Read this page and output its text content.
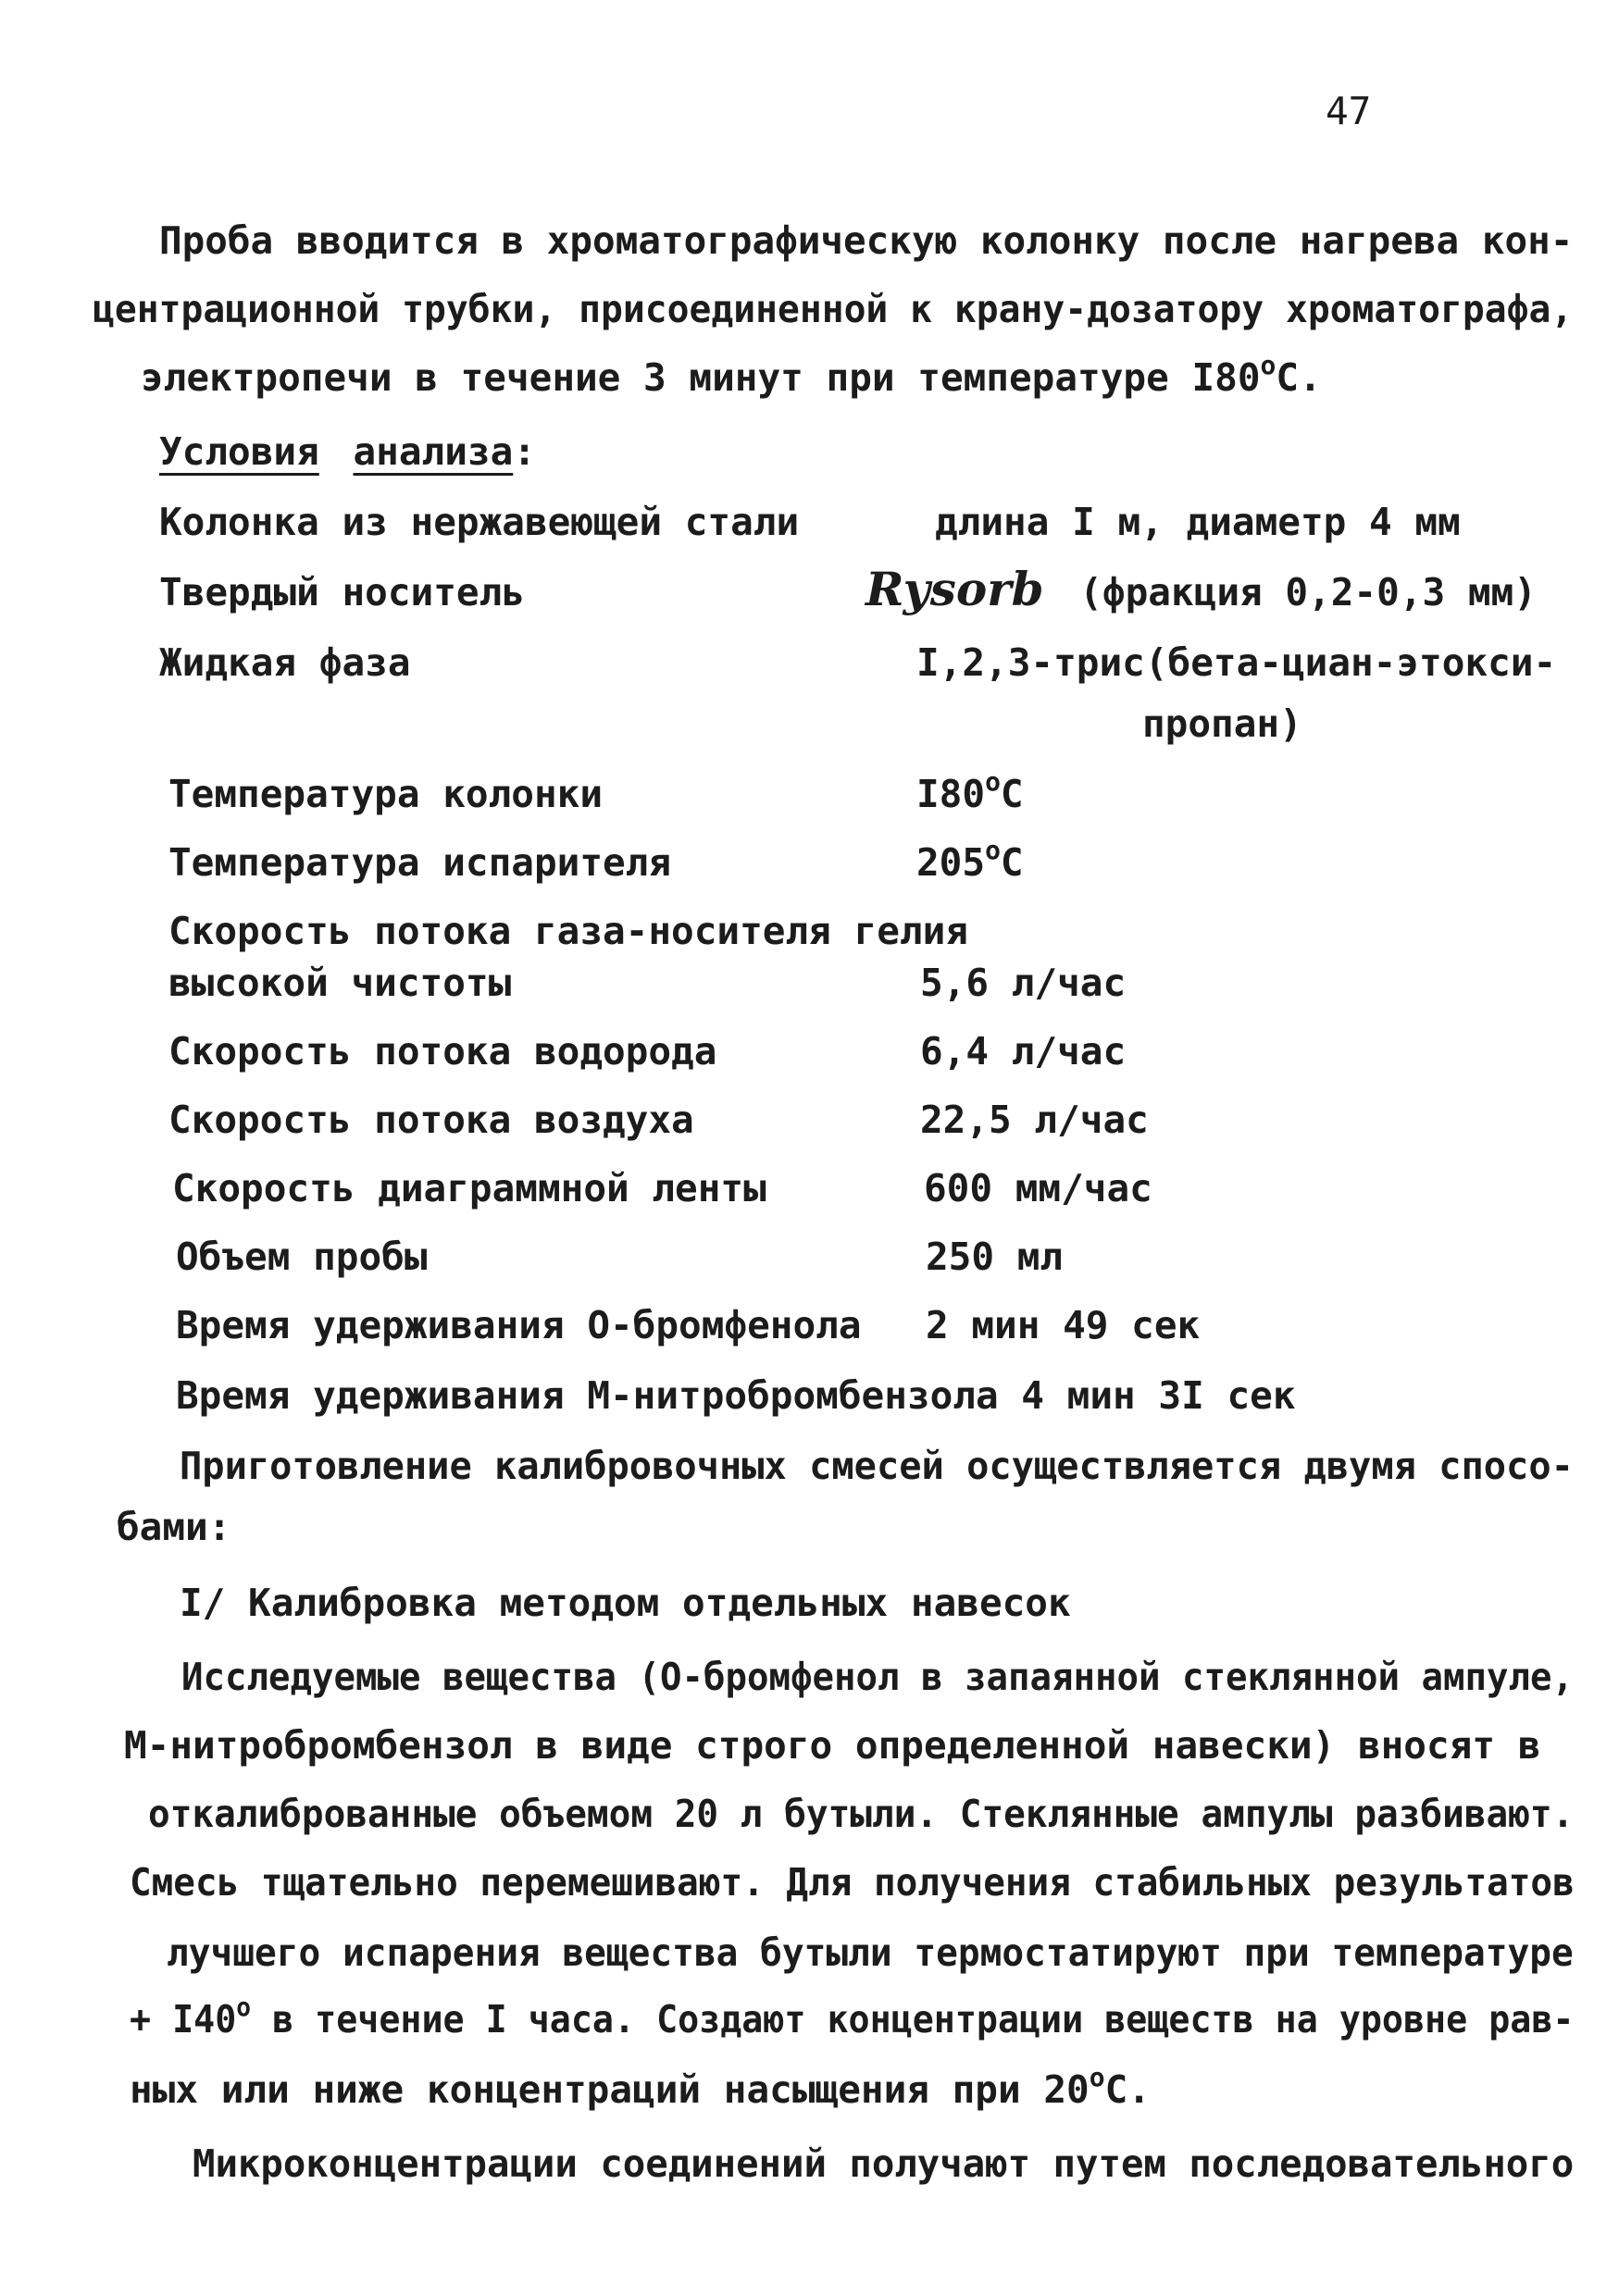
47
Проба вводится в хроматографическую колонку после нагрева кон-
центрационной трубки, присоединенной к крану-дозатору хроматографа,
электропечи в течение 3 минут при температуре I80$^o$С.
Условия анализа:
Колонка из нержавеющей стали	длина I м, диаметр 4 мм
Твердый носитель	Rysorb (фракция 0,2-0,3 мм)
Жидкая фаза	I,2,3-трис(бета-циан-этокси-
пропан)
Температура колонки	I80$^o$С
Температура испарителя	205$^o$С
Скорость потока газа-носителя гелия
высокой чистоты	5,6 л/час
Скорость потока водорода	6,4 л/час
Скорость потока воздуха	22,5 л/час
Скорость диаграммной ленты	600 мм/час
Объем пробы	250 мл
Время удерживания О-бромфенола 2 мин 49 сек
Время удерживания М-нитробромбензола 4 мин 3I сек
Приготовление калибровочных смесей осуществляется двумя спосо-
бами:
I/ Калибровка методом отдельных навесок
Исследуемые вещества (О-бромфенол в запаянной стеклянной ампуле,
М-нитробромбензол в виде строго определенной навески) вносят в
откалиброванные объемом 20 л бутыли. Стеклянные ампулы разбивают.
Смесь тщательно перемешивают. Для получения стабильных результатов
лучшего испарения вещества бутыли термостатируют при температуре
+ $I40^o$ в течение I часа. Создают концентрации веществ на уровне рав-
ных или ниже концентраций насыщения при 20$^o$С.
Микроконцентрации соединений получают путем последовательного
